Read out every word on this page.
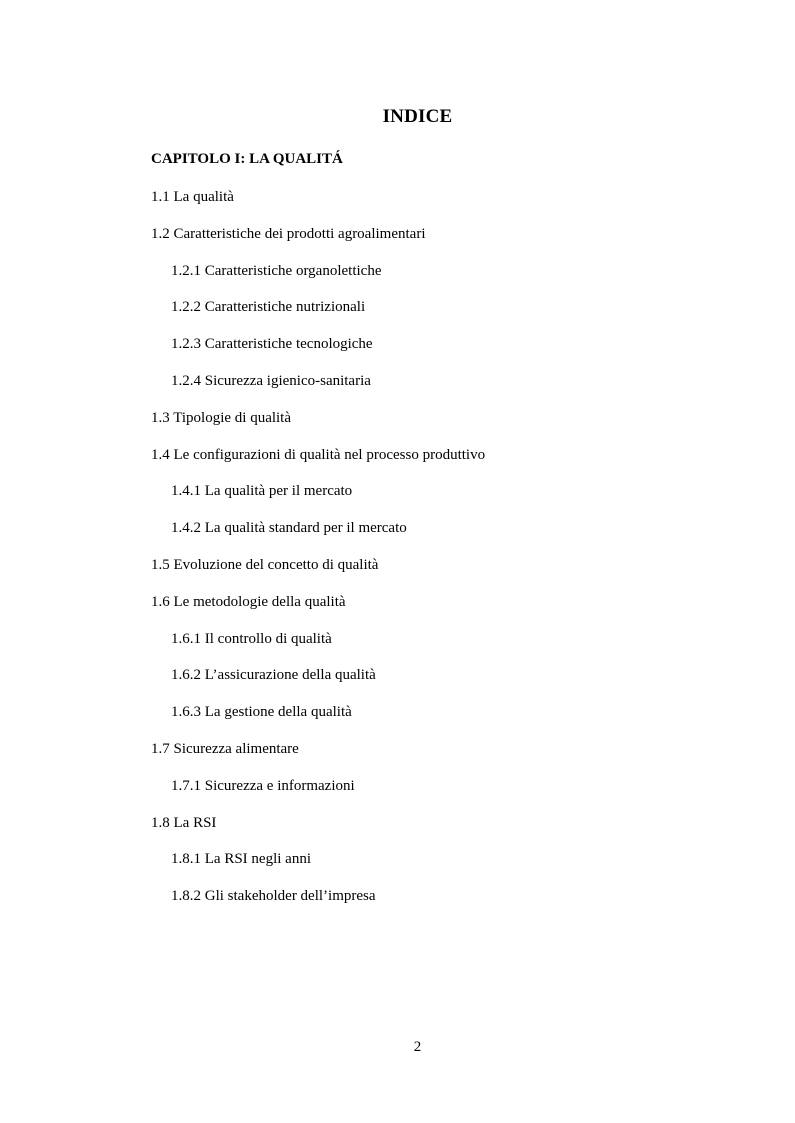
INDICE
CAPITOLO I: LA QUALITÁ
1.1 La qualità
1.2 Caratteristiche dei prodotti agroalimentari
1.2.1 Caratteristiche organolettiche
1.2.2 Caratteristiche nutrizionali
1.2.3 Caratteristiche tecnologiche
1.2.4 Sicurezza igienico-sanitaria
1.3 Tipologie di qualità
1.4 Le configurazioni di qualità nel processo produttivo
1.4.1 La qualità per il mercato
1.4.2 La qualità standard per il mercato
1.5 Evoluzione del concetto di qualità
1.6 Le metodologie della qualità
1.6.1 Il controllo di qualità
1.6.2 L’assicurazione della qualità
1.6.3 La gestione della qualità
1.7 Sicurezza alimentare
1.7.1 Sicurezza e informazioni
1.8 La RSI
1.8.1 La RSI negli anni
1.8.2 Gli stakeholder dell’impresa
2
